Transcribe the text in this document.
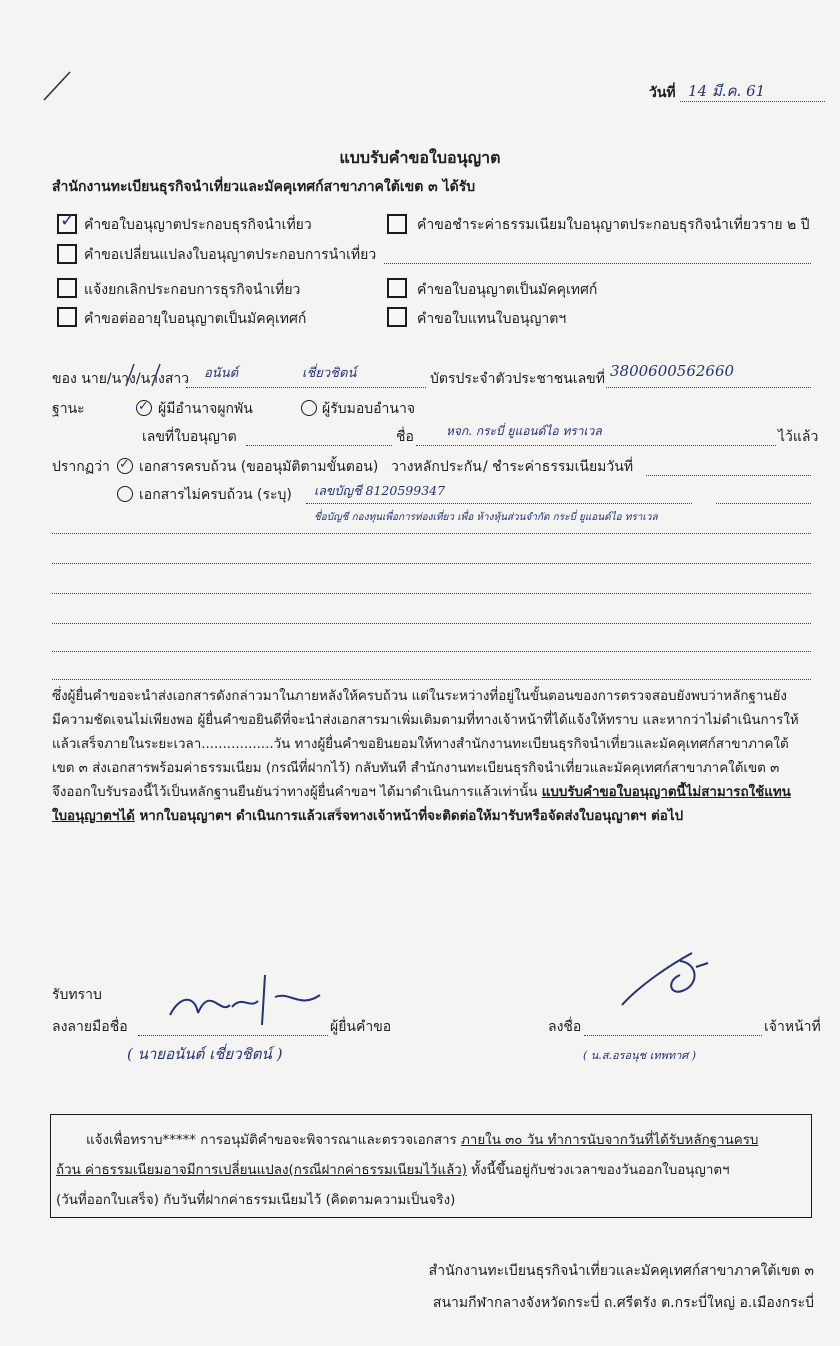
วันที่ 14 มี.ค. 61
แบบรับคำขอใบอนุญาต
สำนักงานทะเบียนธุรกิจนำเที่ยวและมัคคุเทศก์สาขาภาคใต้เขต ๓ ได้รับ
✓ คำขอใบอนุญาตประกอบธุรกิจนำเที่ยว	คำขอชำระค่าธรรมเนียมใบอนุญาตประกอบธุรกิจนำเที่ยวราย ๒ ปี
คำขอเปลี่ยนแปลงใบอนุญาตประกอบการนำเที่ยว
แจ้งยกเลิกประกอบการธุรกิจนำเที่ยว	คำขอใบอนุญาตเป็นมัคคุเทศก์
คำขอต่ออายุใบอนุญาตเป็นมัคคุเทศก์	คำขอใบแทนใบอนุญาตฯ
ของ นาย/นาง/นางสาว อนันต์	เชี่ยวชิตน์	บัตรประจำตัวประชาชนเลขที่ 3800600562660
ฐานะ	✓ ผู้มีอำนาจผูกพัน	ผู้รับมอบอำนาจ
เลขที่ใบอนุญาต	ชื่อ	หจก. กระบี่ ยูแอนด์ไอ ทราเวล	ไว้แล้ว
ปรากฏว่า ✓ เอกสารครบถ้วน (ขออนุมัติตามขั้นตอน) วางหลักประกัน / ชำระค่าธรรมเนียมวันที่
เอกสารไม่ครบถ้วน (ระบุ) เลขบัญชี 8120599347
ชื่อบัญชี กองทุนเพื่อการท่องเที่ยว เพื่อ ห้างหุ้นส่วนจำกัด กระบี่ ยูแอนด์ไอ ทราเวล
ซึ่งผู้ยื่นคำขอจะนำส่งเอกสารดังกล่าวมาในภายหลังให้ครบถ้วน แต่ในระหว่างที่อยู่ในขั้นตอนของการตรวจสอบยังพบว่าหลักฐานยัง
มีความชัดเจนไม่เพียงพอ ผู้ยื่นคำขอยินดีที่จะนำส่งเอกสารมาเพิ่มเติมตามที่ทางเจ้าหน้าที่ได้แจ้งให้ทราบ และหากว่าไม่ดำเนินการให้
แล้วเสร็จภายในระยะเวลา.................วัน ทางผู้ยื่นคำขอยินยอมให้ทางสำนักงานทะเบียนธุรกิจนำเที่ยวและมัคคุเทศก์สาขาภาคใต้
เขต ๓ ส่งเอกสารพร้อมค่าธรรมเนียม (กรณีที่ฝากไว้) กลับทันที สำนักงานทะเบียนธุรกิจนำเที่ยวและมัคคุเทศก์สาขาภาคใต้เขต ๓
จึงออกใบรับรองนี้ไว้เป็นหลักฐานยืนยันว่าทางผู้ยื่นคำขอฯ ได้มาดำเนินการแล้วเท่านั้น แบบรับคำขอใบอนุญาตนี้ไม่สามารถใช้แทน
ใบอนุญาตฯได้ หากใบอนุญาตฯ ดำเนินการแล้วเสร็จทางเจ้าหน้าที่จะติดต่อให้มารับหรือจัดส่งใบอนุญาตฯ ต่อไป
รับทราบ
ลงลายมือชื่อ	ผู้ยื่นคำขอ
( นายอนันต์ เชี่ยวชิตน์ )
ลงชื่อ	เจ้าหน้าที่
( น.ส.อรอนุช เทพทาศ )
แจ้งเพื่อทราบ***** การอนุมัติคำขอจะพิจารณาและตรวจเอกสาร ภายใน ๓๐ วัน ทำการนับจากวันที่ได้รับหลักฐานครบ
ถ้วน ค่าธรรมเนียมอาจมีการเปลี่ยนแปลง(กรณีฝากค่าธรรมเนียมไว้แล้ว) ทั้งนี้ขึ้นอยู่กับช่วงเวลาของวันออกใบอนุญาตฯ
(วันที่ออกใบเสร็จ) กับวันที่ฝากค่าธรรมเนียมไว้ (คิดตามความเป็นจริง)
สำนักงานทะเบียนธุรกิจนำเที่ยวและมัคคุเทศก์สาขาภาคใต้เขต ๓
สนามกีฬากลางจังหวัดกระบี่ ถ.ศรีตรัง ต.กระบี่ใหญ่ อ.เมืองกระบี่
